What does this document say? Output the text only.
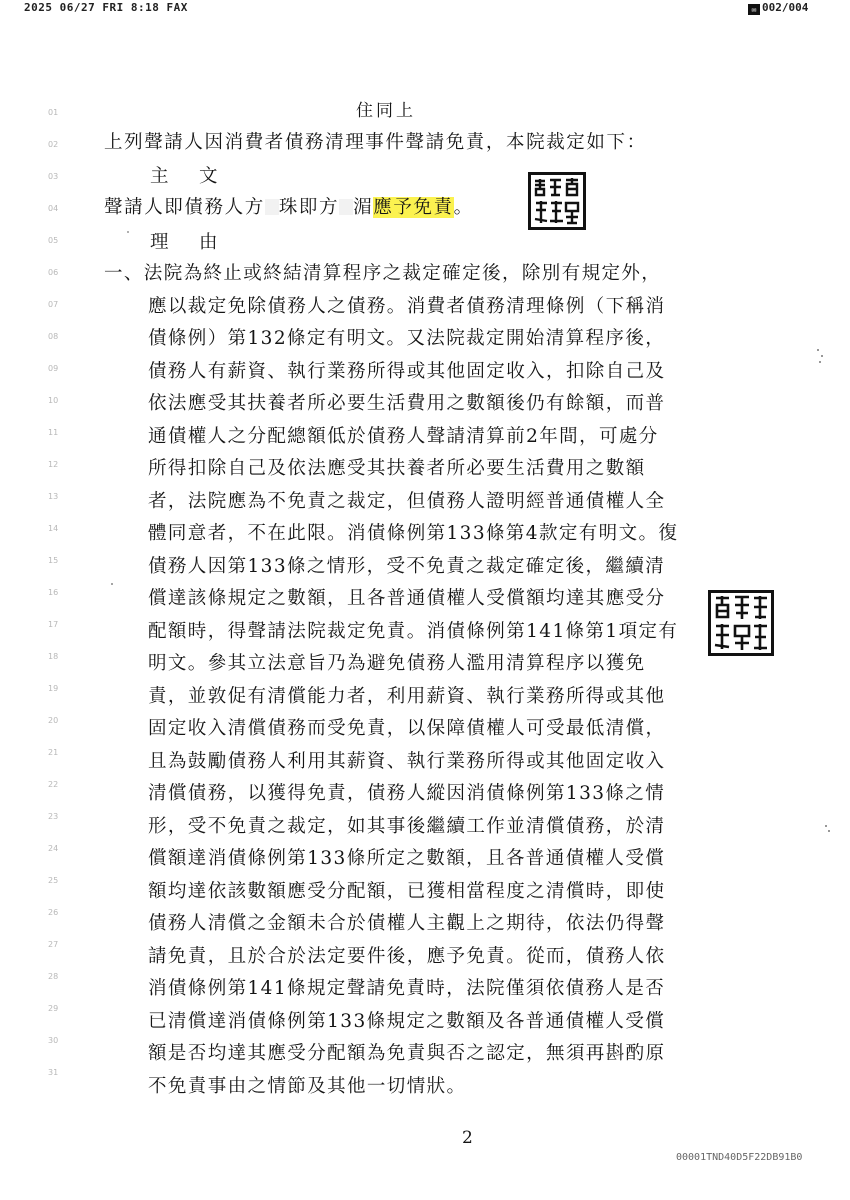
2025 06/27 FRI 8:18 FAX	✉ 002/004
01
02
03
04
05
06
07
08
09
10
11
12
13
14
15
16
17
18
19
20
21
22
23
24
25
26
27
28
29
30
31
住同上
上列聲請人因消費者債務清理事件聲請免責，本院裁定如下：
主　文
聲請人即債務人方 珠即方 湄應予免責。
理　由
一、法院為終止或終結清算程序之裁定確定後，除別有規定外，
應以裁定免除債務人之債務。消費者債務清理條例（下稱消
債條例）第132條定有明文。又法院裁定開始清算程序後，
債務人有薪資、執行業務所得或其他固定收入，扣除自己及
依法應受其扶養者所必要生活費用之數額後仍有餘額，而普
通債權人之分配總額低於債務人聲請清算前2年間，可處分
所得扣除自己及依法應受其扶養者所必要生活費用之數額
者，法院應為不免責之裁定，但債務人證明經普通債權人全
體同意者，不在此限。消債條例第133條第4款定有明文。復
債務人因第133條之情形，受不免責之裁定確定後，繼續清
償達該條規定之數額，且各普通債權人受償額均達其應受分
配額時，得聲請法院裁定免責。消債條例第141條第1項定有
明文。參其立法意旨乃為避免債務人濫用清算程序以獲免
責，並敦促有清償能力者，利用薪資、執行業務所得或其他
固定收入清償債務而受免責，以保障債權人可受最低清償，
且為鼓勵債務人利用其薪資、執行業務所得或其他固定收入
清償債務，以獲得免責，債務人縱因消債條例第133條之情
形，受不免責之裁定，如其事後繼續工作並清償債務，於清
償額達消債條例第133條所定之數額，且各普通債權人受償
額均達依該數額應受分配額，已獲相當程度之清償時，即使
債務人清償之金額未合於債權人主觀上之期待，依法仍得聲
請免責，且於合於法定要件後，應予免責。從而，債務人依
消債條例第141條規定聲請免責時，法院僅須依債務人是否
已清償達消債條例第133條規定之數額及各普通債權人受償
額是否均達其應受分配額為免責與否之認定，無須再斟酌原
不免責事由之情節及其他一切情狀。
2
00001TND40D5F22DB91B0
